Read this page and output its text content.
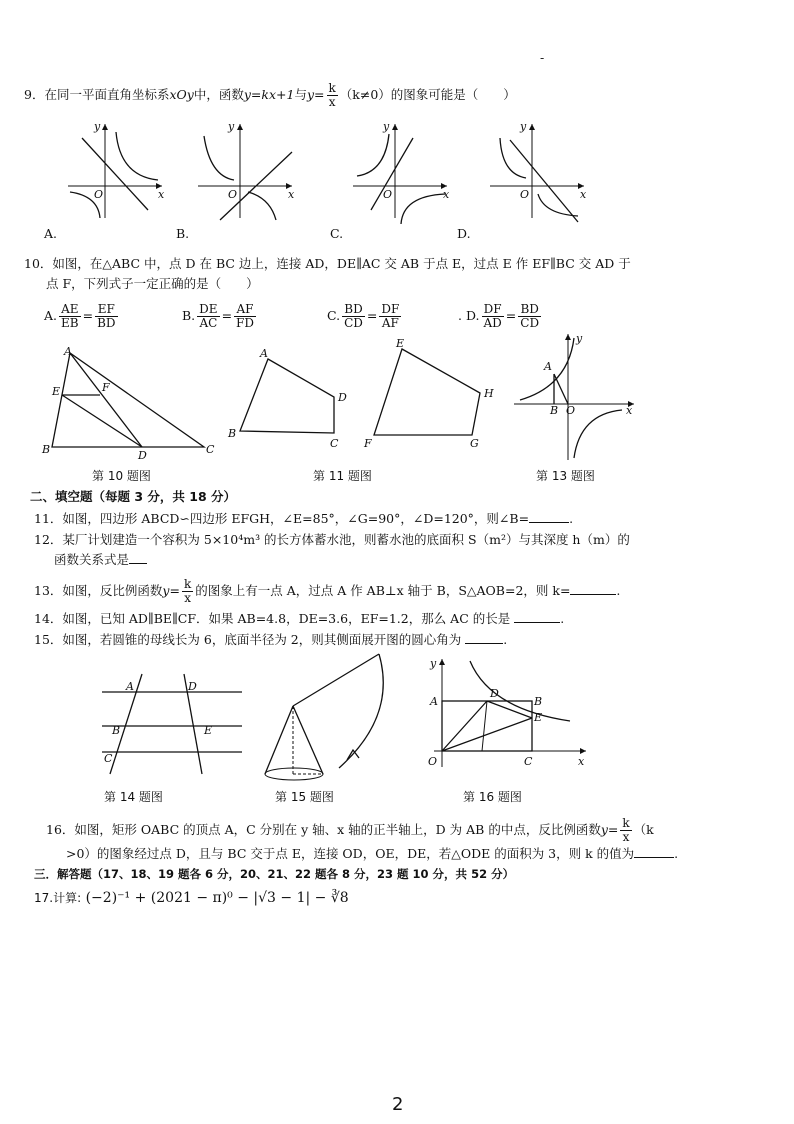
-
9．在同一平面直角坐标系xOy中，函数y=kx+1与$y= \frac{k}{x} (k\ne 0)$的图象可能是（　　）
x
y
O	x
y
O	x
y
O	x
y
O
A.	B.	C.	D.
10．如图，在△ABC 中，点 D 在 BC 边上，连接 AD，DE∥AC 交 AB 于点 E，过点 E 作 EF∥BC 交 AD 于
点 F，下列式子一定正确的是（　　）
A. $\frac{AE}{EB} = \frac{EF}{BD}$	B. $\frac{DE}{AC} = \frac{AF}{FD}$	C. $\frac{BD}{CD} = \frac{DF}{AF}$	. D. $\frac{DF}{AD} = \frac{BD}{CD}$
A
E	F
B	D	C
第 10 题图
A
D
B
C
E
H
F	G
第 11 题图
x
y
O
A
B
第 13 题图
二、填空题（每题 3 分，共 18 分）
11．如图，四边形 ABCD∽四边形 EFGH，∠E=85°，∠G=90°，∠D=120°，则∠B=	.
12．某厂计划建造一个容积为 5×10⁴m³ 的长方体蓄水池，则蓄水池的底面积 S（m²）与其深度 h（m）的
函数关系式是
13．如图，反比例函数$y= \frac{k}{x}$ 的图象上有一点 A，过点 A 作 AB⊥x 轴于 B，S△AOB=2，则 k=	.
14．如图，已知 AD∥BE∥CF．如果 AB=4.8，DE=3.6，EF=1.2，那么 AC 的长是	.
15．如图，若圆锥的母线长为 6，底面半径为 2，则其侧面展开图的圆心角为	.
A	D
B	E
C
第 14 题图	第 15 题图
y
x
O
A
D
B
E
C
第 16 题图
16．如图，矩形 OABC 的顶点 A，C 分别在 y 轴、x 轴的正半轴上，D 为 AB 的中点，反比例函数$y= \frac{k}{x} (k$
>0）的图象经过点 D，且与 BC 交于点 E，连接 OD，OE，DE，若△ODE 的面积为 3，则 k 的值为	.
三．解答题（17、18、19 题各 6 分，20、21、22 题各 8 分，23 题 10 分，共 52 分）
17.计算: (−2)⁻¹ + (2021 − π)⁰ − |√3 − 1| − ∛8
2
